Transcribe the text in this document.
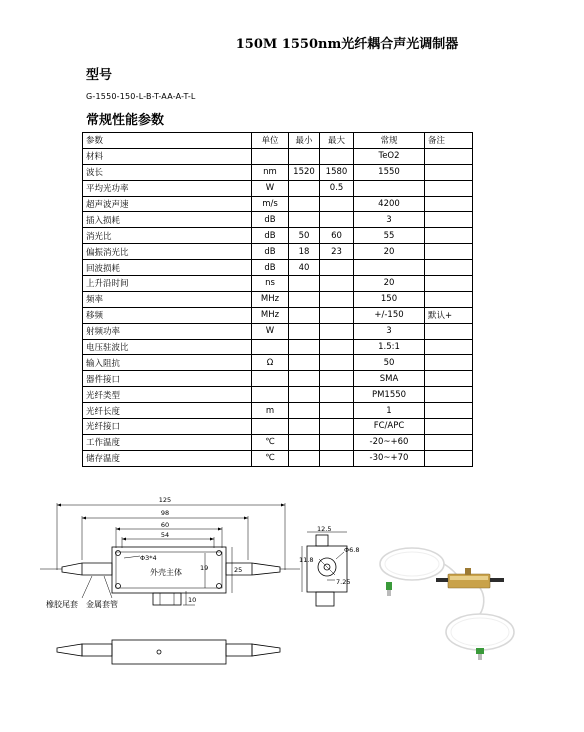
150M 1550nm光纤耦合声光调制器
型号
G-1550-150-L-B-T-AA-A-T-L
常规性能参数
参数	单位	最小	最大	常规	备注
材料				TeO2	
波长	nm	1520	1580	1550	
平均光功率	W		0.5		
超声波声速	m/s			4200	
插入损耗	dB			3	
消光比	dB	50	60	55	
偏振消光比	dB	18	23	20	
回波损耗	dB	40			
上升沿时间	ns			20	
频率	MHz			150	
移频	MHz			+/-150	默认+
射频功率	W			3	
电压驻波比				1.5:1	
输入阻抗	Ω			50	
器件接口				SMA	
光纤类型				PM1550	
光纤长度	m			1	
光纤接口				FC/APC	
工作温度	℃			-20~+60	
储存温度	℃			-30~+70	
125
98
60
54
Φ3*4
外壳主体	19	25
10
橡胶尾套 金属套管
12.5
11.8
Φ6.8
7.25
